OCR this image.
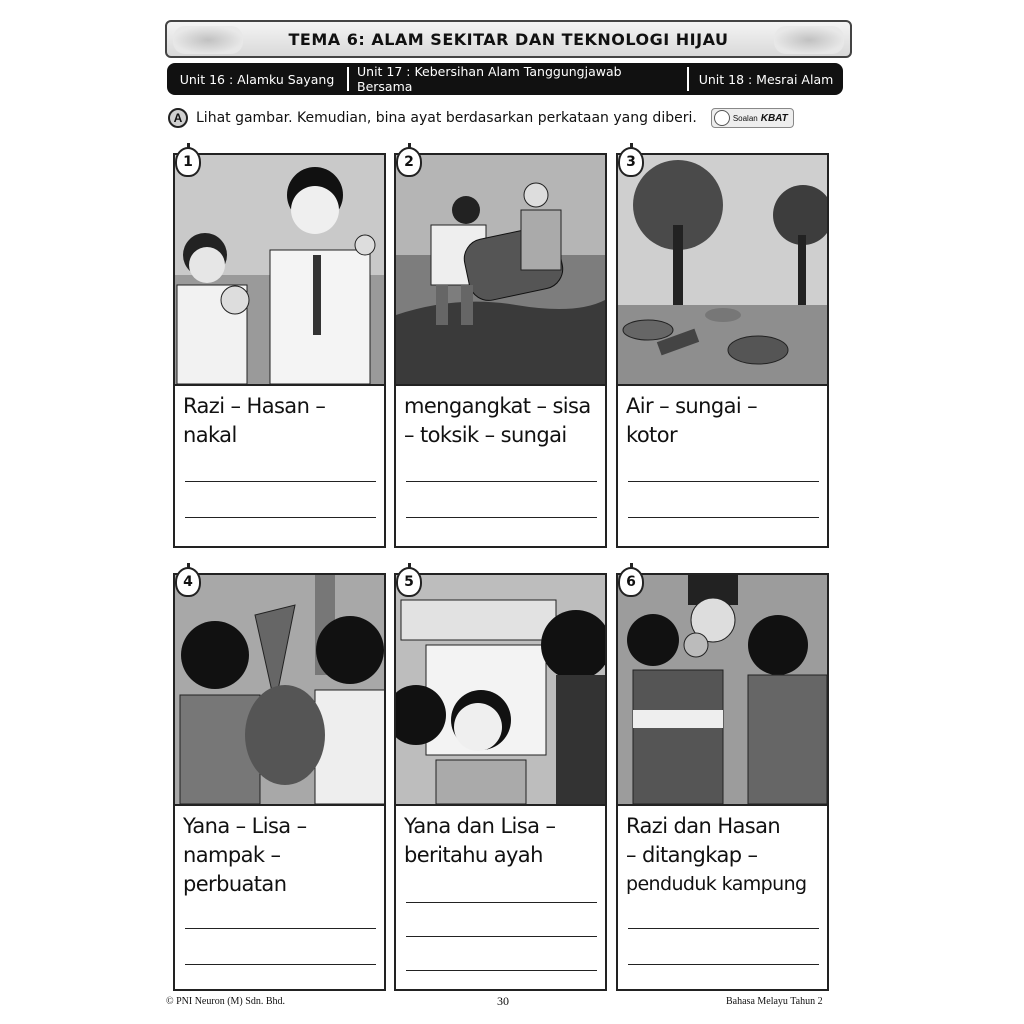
TEMA 6: ALAM SEKITAR DAN TEKNOLOGI HIJAU
Unit 16 : Alamku Sayang	Unit 17 : Kebersihan Alam Tanggungjawab Bersama	Unit 18 : Mesrai Alam
A Lihat gambar. Kemudian, bina ayat berdasarkan perkataan yang diberi.	Soalan KBAT
1
Razi – Hasan –
nakal
2
mengangkat – sisa
– toksik – sungai
3
Air – sungai –
kotor
4
Yana – Lisa –
nampak –
perbuatan
5
Yana dan Lisa –
beritahu ayah
6
Razi dan Hasan
– ditangkap –
penduduk kampung
© PNI Neuron (M) Sdn. Bhd.	30	Bahasa Melayu Tahun 2
